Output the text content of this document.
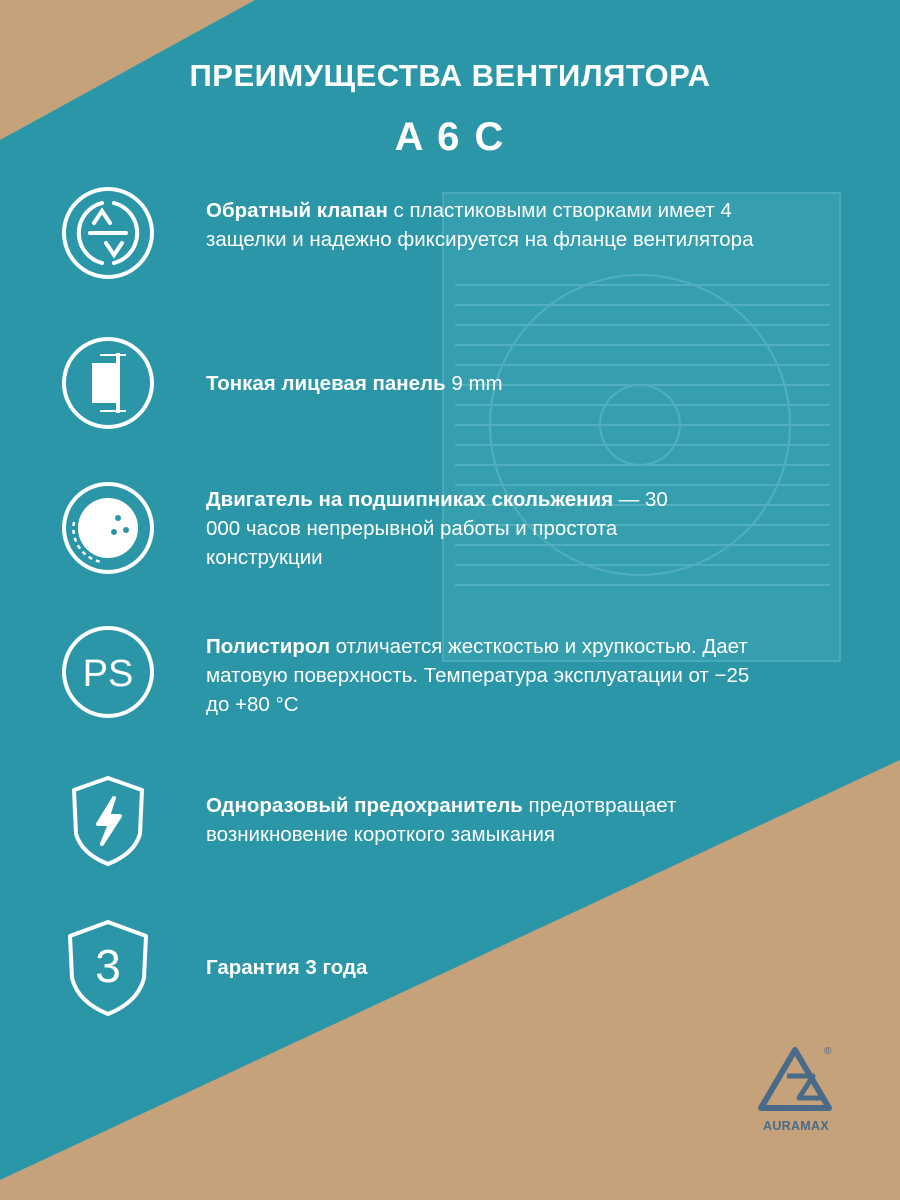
PS
3
ПРЕИМУЩЕСТВА ВЕНТИЛЯТОРА
A 6 C
Обратный клапан с пластиковыми створками имеет 4 защелки и надежно фиксируется на фланце вентилятора
Тонкая лицевая панель 9 mm
Двигатель на подшипниках скольжения — 30 000 часов непрерывной работы и простота конструкции
Полистирол отличается жесткостью и хрупкостью. Дает матовую поверхность. Температура эксплуатации от −25 до +80 °C
Одноразовый предохранитель предотвращает возникновение короткого замыкания
Гарантия 3 года
®
AURAMAX
